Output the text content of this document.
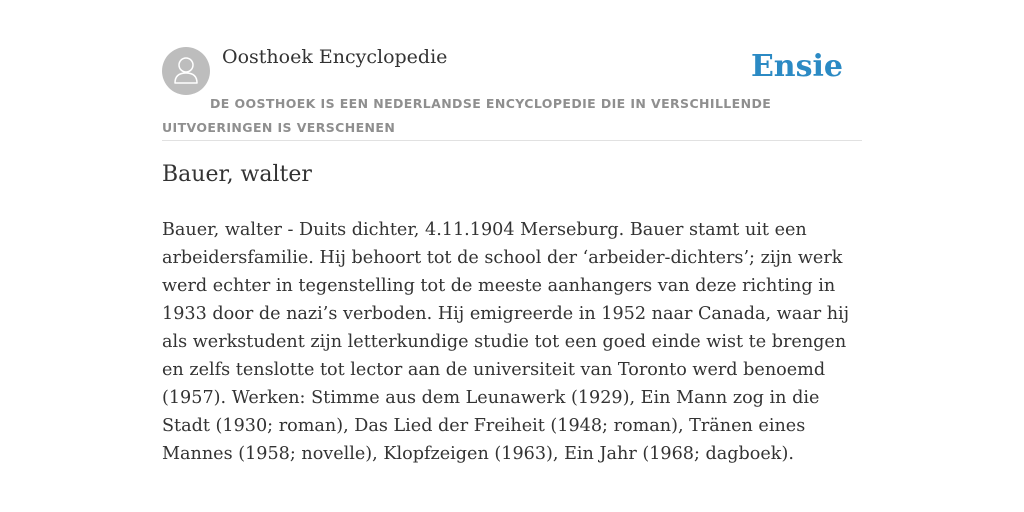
Oosthoek Encyclopedie	Ensie
DE OOSTHOEK IS EEN NEDERLANDSE ENCYCLOPEDIE DIE IN VERSCHILLENDE UITVOERINGEN IS VERSCHENEN
Bauer, walter

Bauer, walter - Duits dichter, 4.11.1904 Merseburg. Bauer stamt uit een arbeidersfamilie. Hij behoort tot de school der ‘arbeider-dichters’; zijn werk werd echter in tegenstelling tot de meeste aanhangers van deze richting in 1933 door de nazi’s verboden. Hij emigreerde in 1952 naar Canada, waar hij als werkstudent zijn letterkundige studie tot een goed einde wist te brengen en zelfs tenslotte tot lector aan de universiteit van Toronto werd benoemd (1957). Werken: Stimme aus dem Leunawerk (1929), Ein Mann zog in die Stadt (1930; roman), Das Lied der Freiheit (1948; roman), Tränen eines Mannes (1958; novelle), Klopfzeigen (1963), Ein Jahr (1968; dagboek).
